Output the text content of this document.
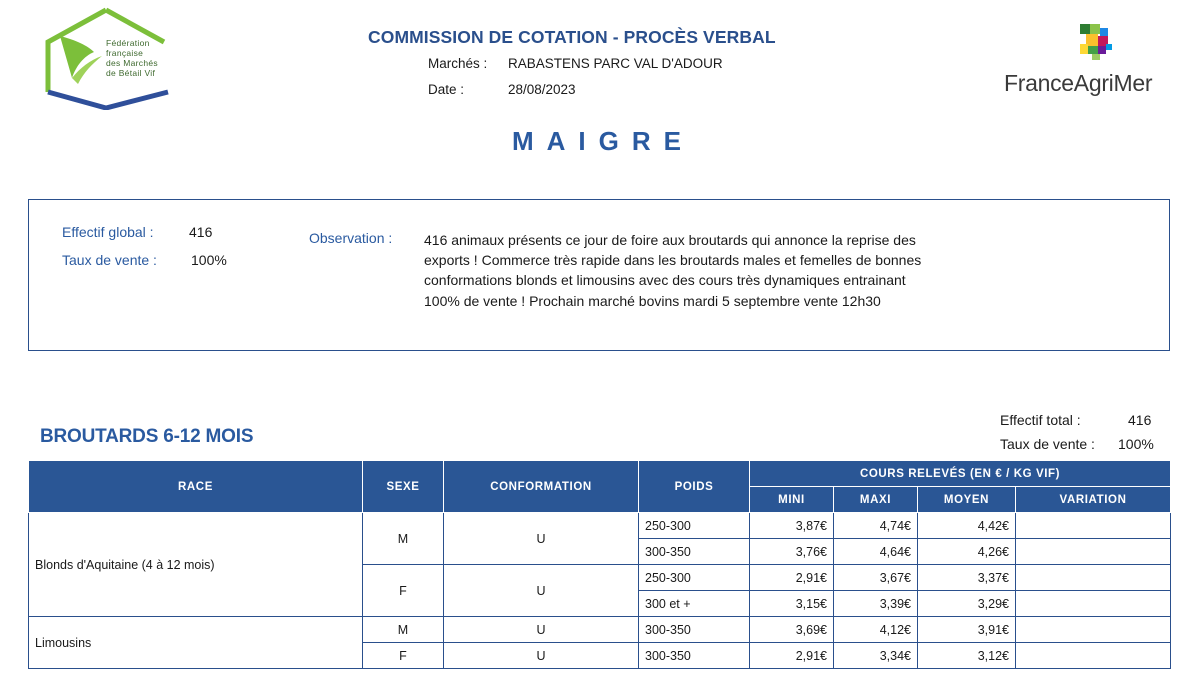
Fédération
française
des Marchés
de Bétail Vif
COMMISSION DE COTATION - PROCÈS VERBAL
Marchés : RABASTENS PARC VAL D'ADOUR
Date :	28/08/2023	FranceAgriMer
MAIGRE
Effectif global :	416
Taux de vente : 100%
Observation : 416 animaux présents ce jour de foire aux broutards qui annonce la reprise des exports ! Commerce très rapide dans les broutards males et femelles de bonnes conformations blonds et limousins avec des cours très dynamiques entrainant 100% de vente ! Prochain marché bovins mardi 5 septembre vente 12h30
BROUTARDS 6-12 MOIS
Effectif total :	416
Taux de vente : 100%
RACE	SEXE	CONFORMATION	POIDS	COURS RELEVÉS (EN € / KG VIF)			
				MINI	MAXI	MOYEN	VARIATION
Blonds d'Aquitaine (4 à 12 mois)	M	U	250-300	3,87€	4,74€	4,42€	
			300-350	3,76€	4,64€	4,26€	
	F	U	250-300	2,91€	3,67€	3,37€	
			300 et +	3,15€	3,39€	3,29€	
Limousins	M	U	300-350	3,69€	4,12€	3,91€	
	F	U	300-350	2,91€	3,34€	3,12€	
